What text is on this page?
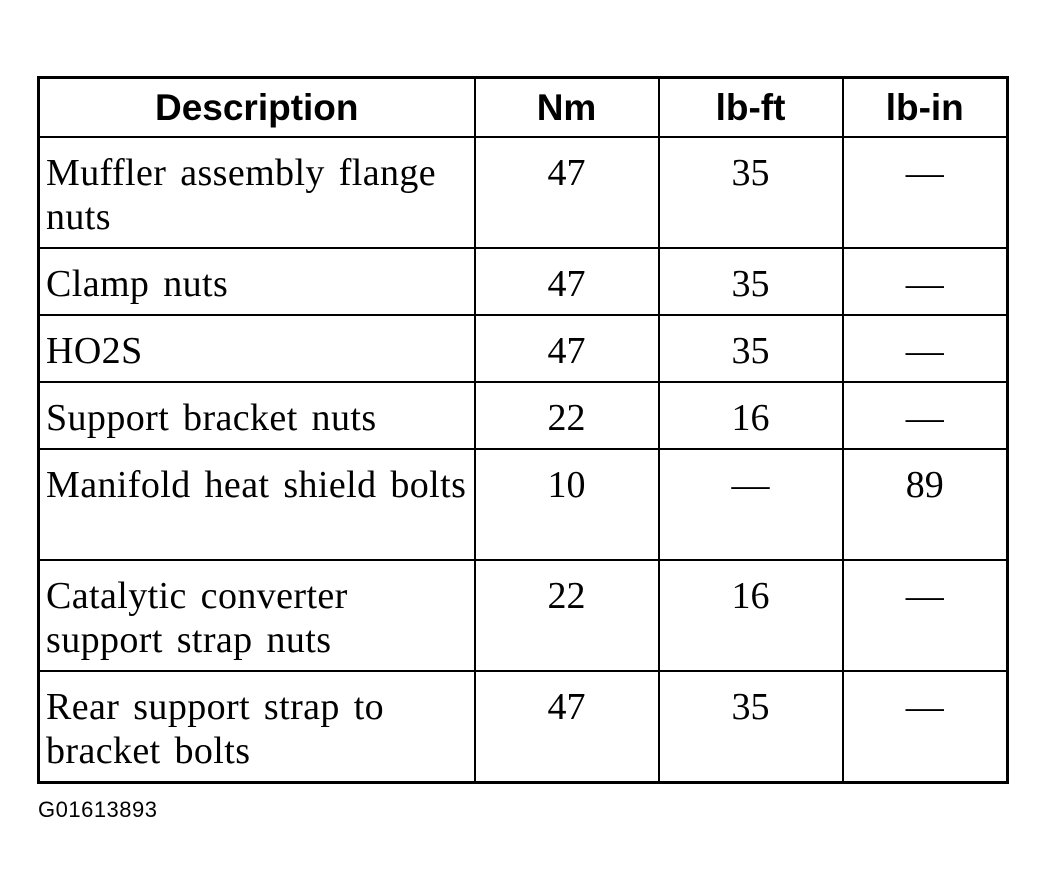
Description	Nm	lb-ft	lb-in
Muffler assembly flange nuts	47	35	—
Clamp nuts	47	35	—
HO2S	47	35	—
Support bracket nuts	22	16	—
Manifold heat shield bolts	10	—	89
Catalytic converter support strap nuts	22	16	—
Rear support strap to bracket bolts	47	35	—
G01613893
